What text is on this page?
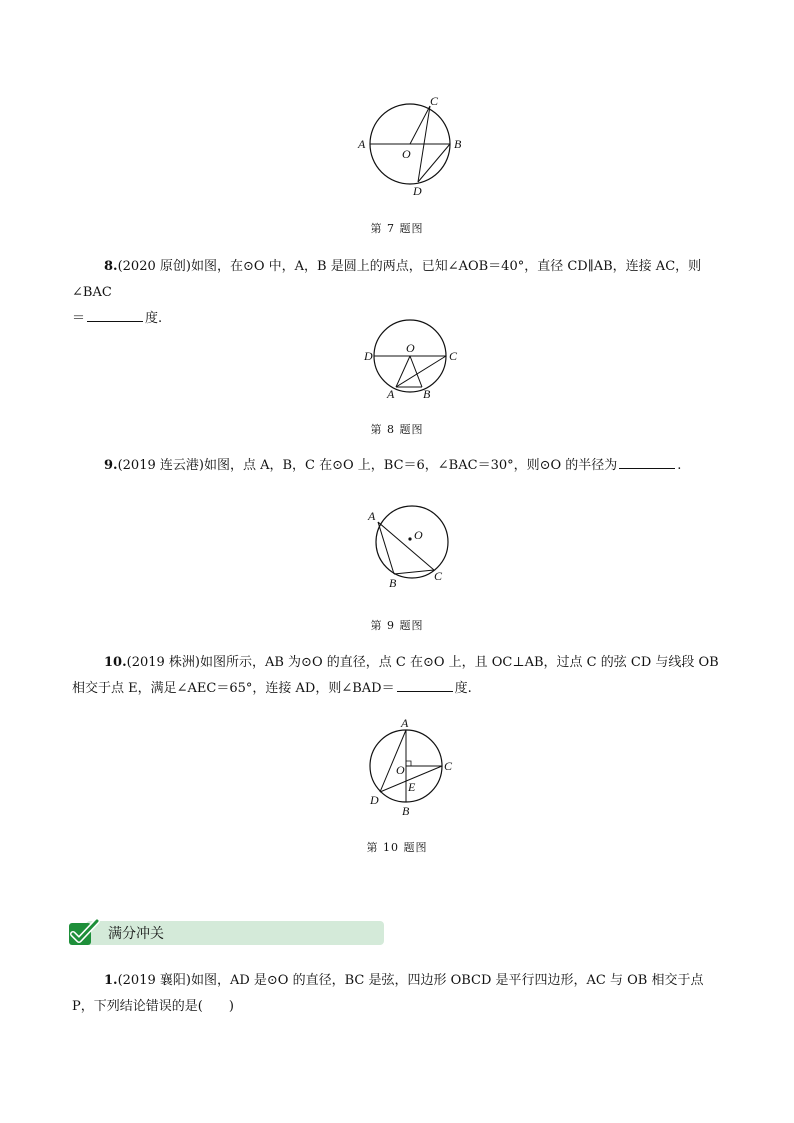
A	B
C
D
O
第 7 题图
8.(2020 原创)如图，在⊙O 中，A，B 是圆上的两点，已知∠AOB＝40°，直径 CD∥AB，连接 AC，则∠BAC
＝	度.
D	C
O
A B
第 8 题图
9.(2019 连云港)如图，点 A，B，C 在⊙O 上，BC＝6，∠BAC＝30°，则⊙O 的半径为	.
A
O
B	C
第 9 题图
10.(2019 株洲)如图所示，AB 为⊙O 的直径，点 C 在⊙O 上，且 OC⊥AB，过点 C 的弦 CD 与线段 OB
相交于点 E，满足∠AEC＝65°，连接 AD，则∠BAD＝	度.
A
C
O
E
D
B
第 10 题图
满分冲关
1.(2019 襄阳)如图，AD 是⊙O 的直径，BC 是弦，四边形 OBCD 是平行四边形，AC 与 OB 相交于点
P，下列结论错误的是(　　)
